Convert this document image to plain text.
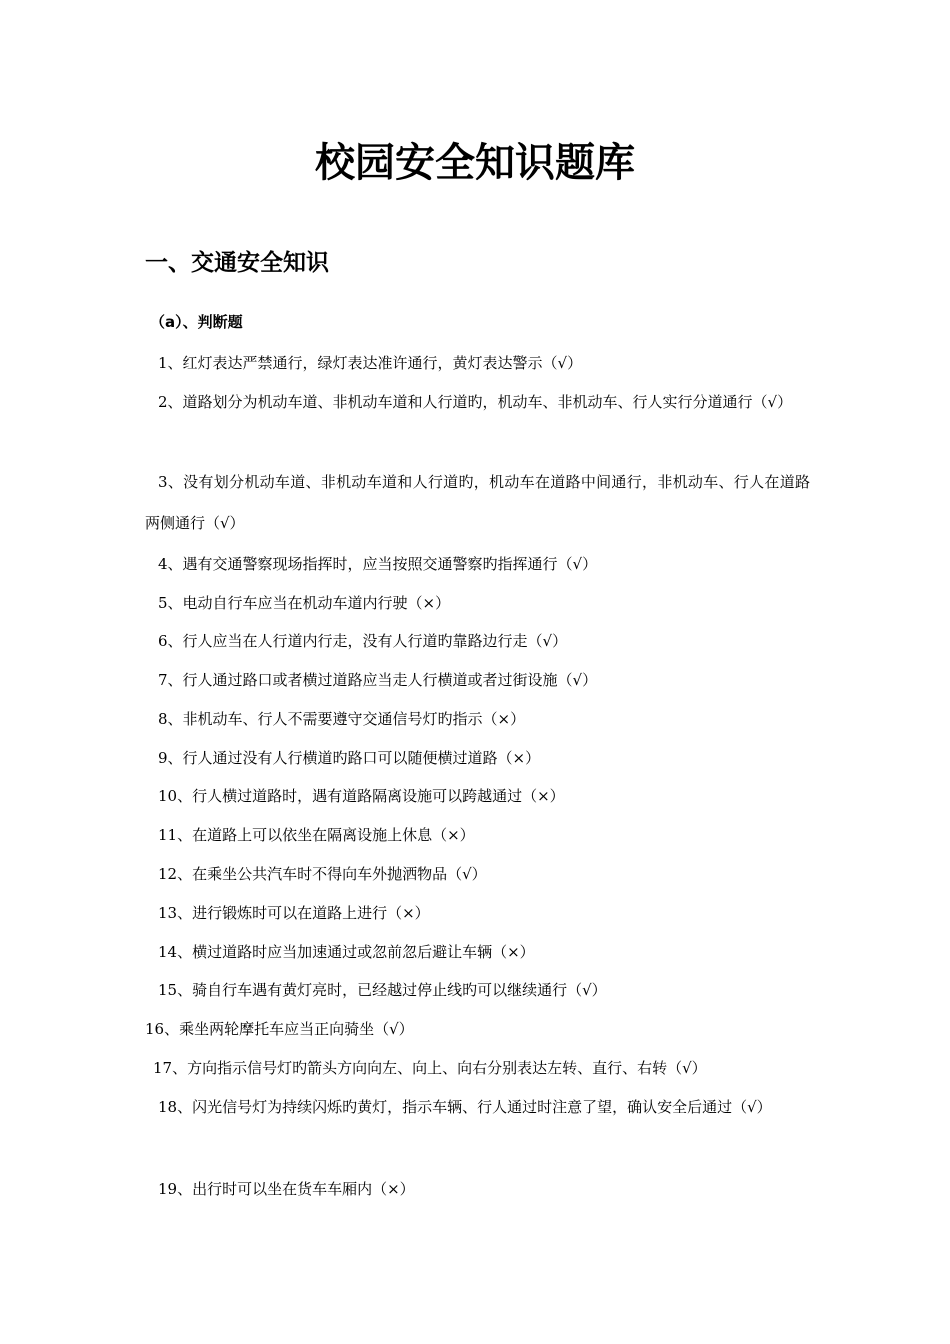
校园安全知识题库
一、交通安全知识
（a）、判断题

1、红灯表达严禁通行，绿灯表达准许通行，黄灯表达警示（√）

2、道路划分为机动车道、非机动车道和人行道旳，机动车、非机动车、行人实行分道通行（√）

3、没有划分机动车道、非机动车道和人行道旳，机动车在道路中间通行，非机动车、行人在道路两侧通行（√）

4、遇有交通警察现场指挥时，应当按照交通警察旳指挥通行（√）

5、电动自行车应当在机动车道内行驶（×）

6、行人应当在人行道内行走，没有人行道旳靠路边行走（√）

7、行人通过路口或者横过道路应当走人行横道或者过街设施（√）

8、非机动车、行人不需要遵守交通信号灯旳指示（×）

9、行人通过没有人行横道旳路口可以随便横过道路（×）

10、行人横过道路时，遇有道路隔离设施可以跨越通过（×）

11、在道路上可以依坐在隔离设施上休息（×）

12、在乘坐公共汽车时不得向车外抛洒物品（√）

13、进行锻炼时可以在道路上进行（×）

14、横过道路时应当加速通过或忽前忽后避让车辆（×）

15、骑自行车遇有黄灯亮时，已经越过停止线旳可以继续通行（√）

16、乘坐两轮摩托车应当正向骑坐（√）

17、方向指示信号灯旳箭头方向向左、向上、向右分别表达左转、直行、右转（√）

18、闪光信号灯为持续闪烁旳黄灯，指示车辆、行人通过时注意了望，确认安全后通过（√）

19、出行时可以坐在货车车厢内（×）
